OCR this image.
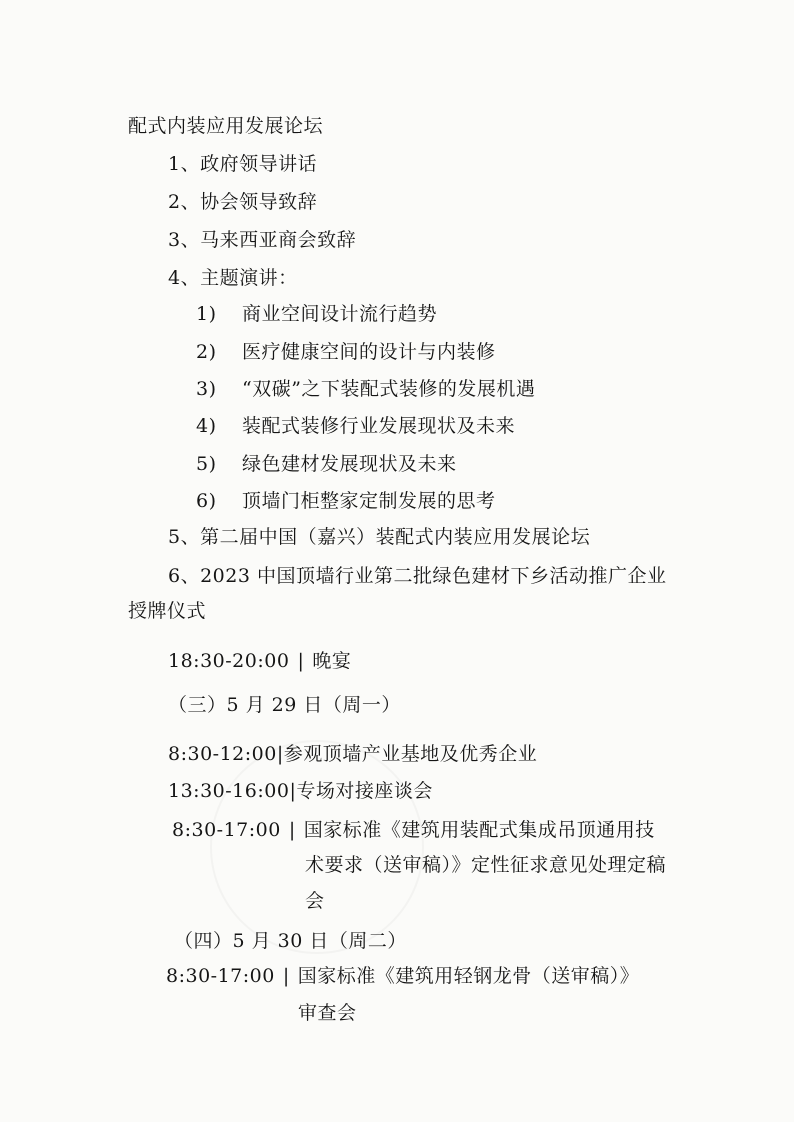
配式内装应用发展论坛
1、政府领导讲话
2、协会领导致辞
3、马来西亚商会致辞
4、主题演讲：
1) 商业空间设计流行趋势
2) 医疗健康空间的设计与内装修
3) “双碳”之下装配式装修的发展机遇
4) 装配式装修行业发展现状及未来
5) 绿色建材发展现状及未来
6) 顶墙门柜整家定制发展的思考
5、第二届中国（嘉兴）装配式内装应用发展论坛
6、2023 中国顶墙行业第二批绿色建材下乡活动推广企业
授牌仪式
18:30-20:00 | 晚宴
（三）5 月 29 日（周一）
8:30-12:00|参观顶墙产业基地及优秀企业
13:30-16:00|专场对接座谈会
8:30-17:00 | 国家标准《建筑用装配式集成吊顶通用技
术要求（送审稿）》定性征求意见处理定稿
会
（四）5 月 30 日（周二）
8:30-17:00 | 国家标准《建筑用轻钢龙骨（送审稿）》
审查会
